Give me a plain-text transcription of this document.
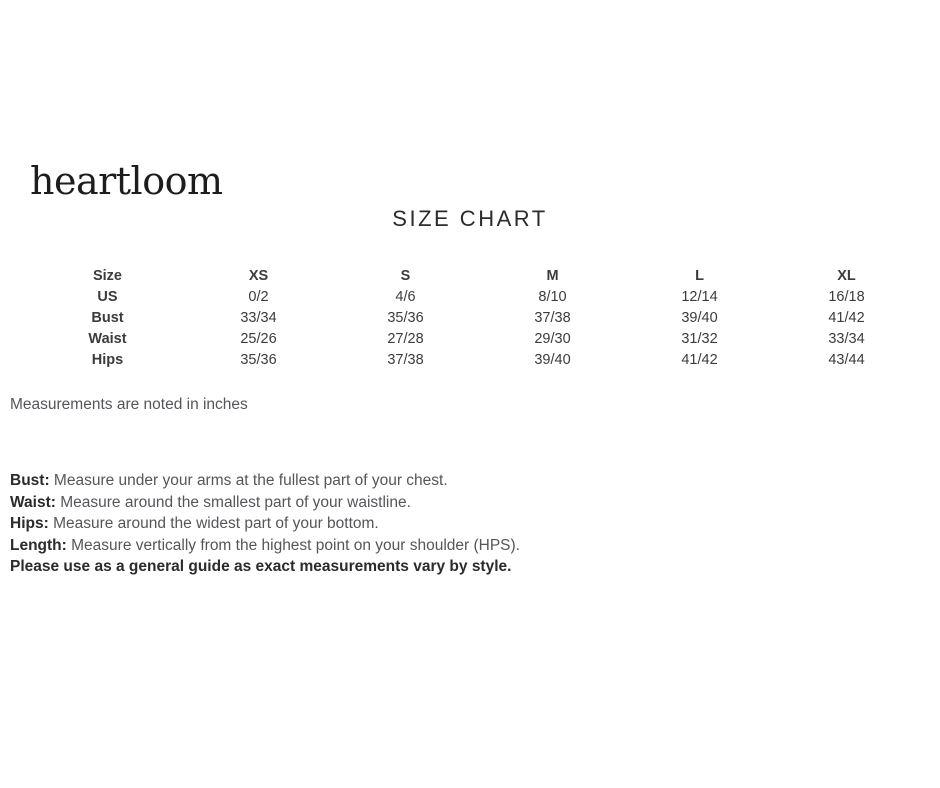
heartloom
SIZE CHART
Size	XS	S	M	L	XL
US	0/2	4/6	8/10	12/14	16/18
Bust	33/34	35/36	37/38	39/40	41/42
Waist	25/26	27/28	29/30	31/32	33/34
Hips	35/36	37/38	39/40	41/42	43/44
Measurements are noted in inches
Bust: Measure under your arms at the fullest part of your chest.
Waist: Measure around the smallest part of your waistline.
Hips: Measure around the widest part of your bottom.
Length: Measure vertically from the highest point on your shoulder (HPS).
Please use as a general guide as exact measurements vary by style.
